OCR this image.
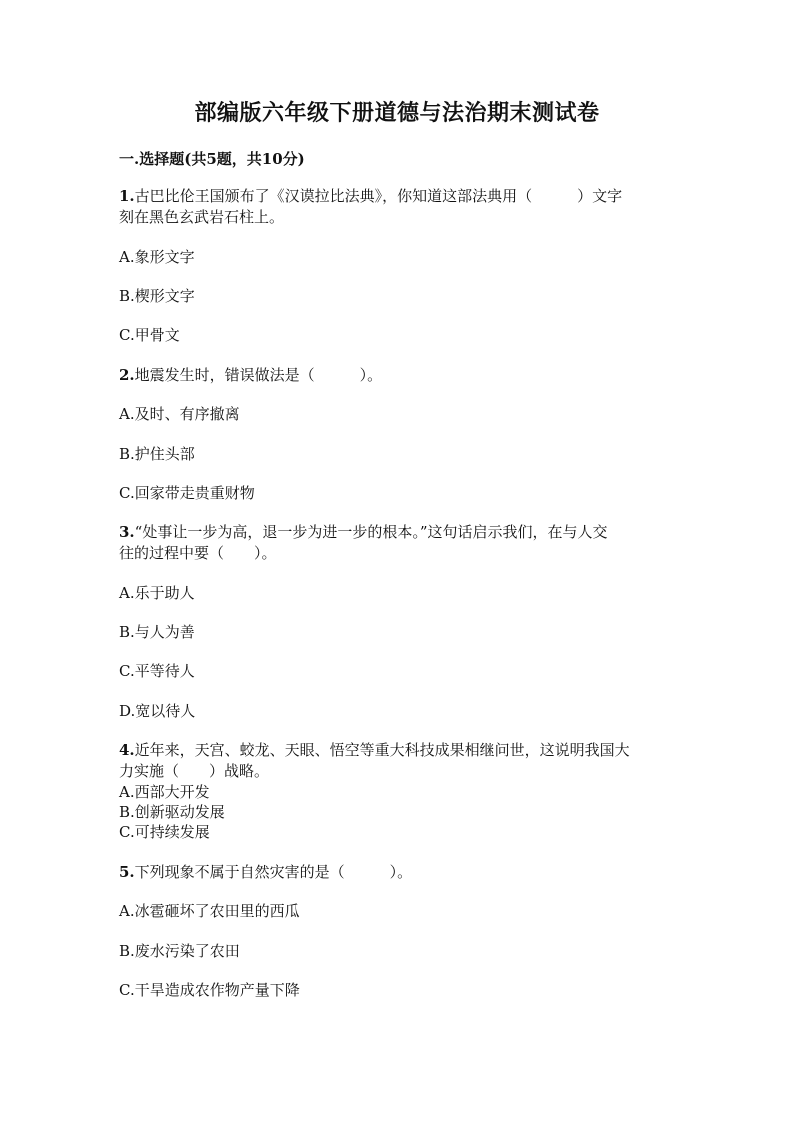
部编版六年级下册道德与法治期末测试卷
一.选择题(共5题，共10分)
1.古巴比伦王国颁布了《汉谟拉比法典》，你知道这部法典用（　　　）文字
刻在黑色玄武岩石柱上。
A.象形文字
B.楔形文字
C.甲骨文
2.地震发生时，错误做法是（　　　）。
A.及时、有序撤离
B.护住头部
C.回家带走贵重财物
3.“处事让一步为高，退一步为进一步的根本。”这句话启示我们，在与人交
往的过程中要（　　）。
A.乐于助人
B.与人为善
C.平等待人
D.宽以待人
4.近年来，天宫、蛟龙、天眼、悟空等重大科技成果相继问世，这说明我国大
力实施（　　）战略。
A.西部大开发
B.创新驱动发展
C.可持续发展
5.下列现象不属于自然灾害的是（　　　）。
A.冰雹砸坏了农田里的西瓜
B.废水污染了农田
C.干旱造成农作物产量下降
